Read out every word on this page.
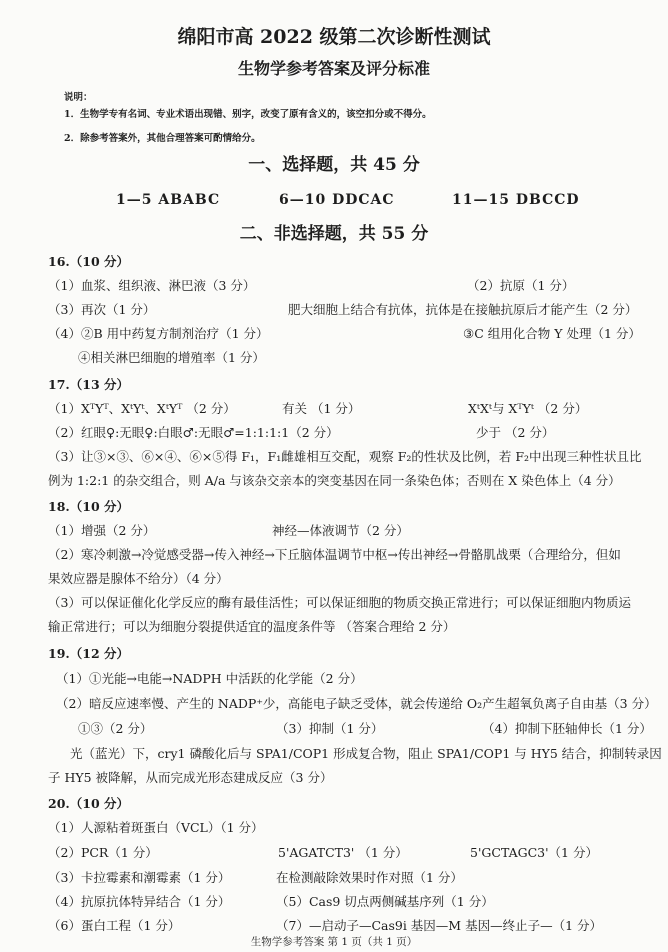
绵阳市高 2022 级第二次诊断性测试
生物学参考答案及评分标准
说明：
1．生物学专有名词、专业术语出现错、别字，改变了原有含义的，该空扣分或不得分。
2．除参考答案外，其他合理答案可酌情给分。
一、选择题，共 45 分
1—5 ABABC	6—10 DDCAC	11—15 DBCCD
二、非选择题，共 55 分
16.（10 分）
（1）血浆、组织液、淋巴液（3 分）	（2）抗原（1 分）
（3）再次（1 分）	肥大细胞上结合有抗体，抗体是在接触抗原后才能产生（2 分）
（4）②B 用中药复方制剂治疗（1 分）	③C 组用化合物 Y 处理（1 分）
④相关淋巴细胞的增殖率（1 分）
17.（13 分）
（1）XᵀYᵀ、XᵗYᵗ、XᵗYᵀ （2 分）	有关 （1 分）	XᵗXᵗ与 XᵀYᵗ （2 分）
（2）红眼♀:无眼♀:白眼♂:无眼♂=1:1:1:1（2 分）	少于 （2 分）
（3）让③×③、⑥×④、⑥×⑤得 F₁，F₁雌雄相互交配，观察 F₂的性状及比例，若 F₂中出现三种性状且比
例为 1:2:1 的杂交组合，则 A/a 与该杂交亲本的突变基因在同一条染色体；否则在 X 染色体上（4 分）
18.（10 分）
（1）增强（2 分）	神经—体液调节（2 分）
（2）寒冷刺激→冷觉感受器→传入神经→下丘脑体温调节中枢→传出神经→骨骼肌战栗（合理给分，但如
果效应器是腺体不给分）（4 分）
（3）可以保证催化化学反应的酶有最佳活性；可以保证细胞的物质交换正常进行；可以保证细胞内物质运
输正常进行；可以为细胞分裂提供适宜的温度条件等 （答案合理给 2 分）
19.（12 分）
（1）①光能→电能→NADPH 中活跃的化学能（2 分）
（2）暗反应速率慢、产生的 NADP⁺少，高能电子缺乏受体，就会传递给 O₂产生超氧负离子自由基（3 分）
①③（2 分）	（3）抑制（1 分）	（4）抑制下胚轴伸长（1 分）
光（蓝光）下，cry1 磷酸化后与 SPA1/COP1 形成复合物，阻止 SPA1/COP1 与 HY5 结合，抑制转录因
子 HY5 被降解，从而完成光形态建成反应（3 分）
20.（10 分）
（1）人源粘着斑蛋白（VCL）（1 分）
（2）PCR（1 分）	5'AGATCT3' （1 分）	5'GCTAGC3'（1 分）
（3）卡拉霉素和潮霉素（1 分）	在检测敲除效果时作对照（1 分）
（4）抗原抗体特异结合（1 分）	（5）Cas9 切点两侧碱基序列（1 分）
（6）蛋白工程（1 分）	（7）—启动子—Cas9i 基因—M 基因—终止子—（1 分）
生物学参考答案 第 1 页（共 1 页）
